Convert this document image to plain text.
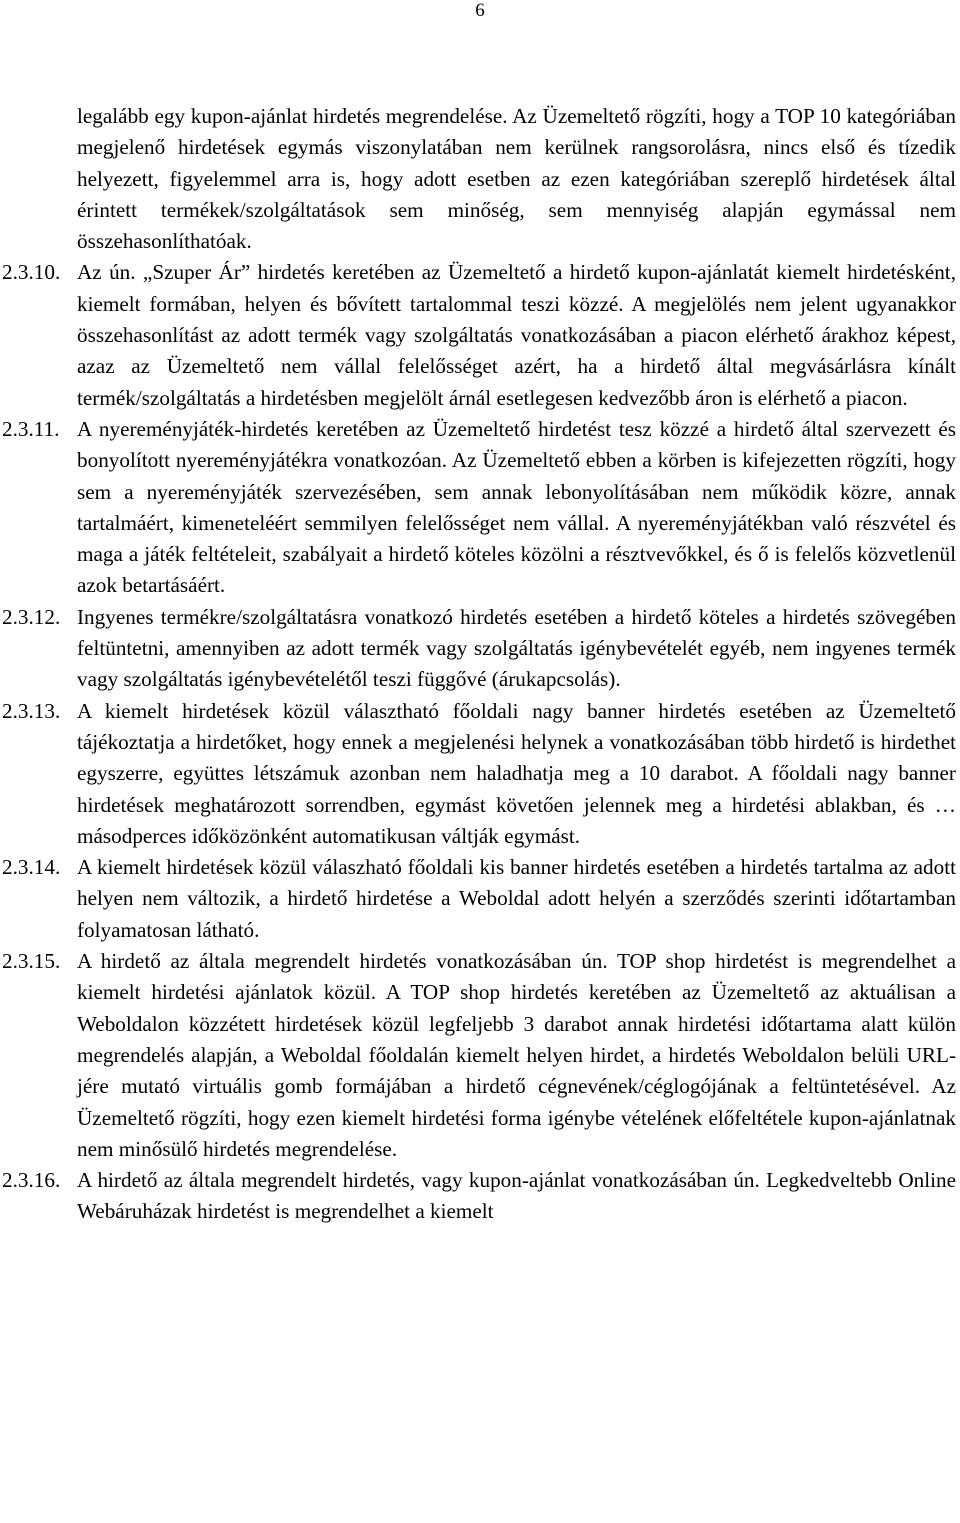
6

legalább egy kupon-ajánlat hirdetés megrendelése. Az Üzemeltető rögzíti, hogy a TOP 10 kategóriában megjelenő hirdetések egymás viszonylatában nem kerülnek rangsorolásra, nincs első és tízedik helyezett, figyelemmel arra is, hogy adott esetben az ezen kategóriában szereplő hirdetések által érintett termékek/szolgáltatások sem minőség, sem mennyiség alapján egymással nem összehasonlíthatóak.

2.3.10. Az ún. „Szuper Ár” hirdetés keretében az Üzemeltető a hirdető kupon-ajánlatát kiemelt hirdetésként, kiemelt formában, helyen és bővített tartalommal teszi közzé. A megjelölés nem jelent ugyanakkor összehasonlítást az adott termék vagy szolgáltatás vonatkozásában a piacon elérhető árakhoz képest, azaz az Üzemeltető nem vállal felelősséget azért, ha a hirdető által megvásárlásra kínált termék/szolgáltatás a hirdetésben megjelölt árnál esetlegesen kedvezőbb áron is elérhető a piacon.
2.3.11. A nyereményjáték-hirdetés keretében az Üzemeltető hirdetést tesz közzé a hirdető által szervezett és bonyolított nyereményjátékra vonatkozóan. Az Üzemeltető ebben a körben is kifejezetten rögzíti, hogy sem a nyereményjáték szervezésében, sem annak lebonyolításában nem működik közre, annak tartalmáért, kimeneteléért semmilyen felelősséget nem vállal. A nyereményjátékban való részvétel és maga a játék feltételeit, szabályait a hirdető köteles közölni a résztvevőkkel, és ő is felelős közvetlenül azok betartásáért.
2.3.12. Ingyenes termékre/szolgáltatásra vonatkozó hirdetés esetében a hirdető köteles a hirdetés szövegében feltüntetni, amennyiben az adott termék vagy szolgáltatás igénybevételét egyéb, nem ingyenes termék vagy szolgáltatás igénybevételétől teszi függővé (árukapcsolás).
2.3.13. A kiemelt hirdetések közül választható főoldali nagy banner hirdetés esetében az Üzemeltető tájékoztatja a hirdetőket, hogy ennek a megjelenési helynek a vonatkozásában több hirdető is hirdethet egyszerre, együttes létszámuk azonban nem haladhatja meg a 10 darabot. A főoldali nagy banner hirdetések meghatározott sorrendben, egymást követően jelennek meg a hirdetési ablakban, és … másodperces időközönként automatikusan váltják egymást.
2.3.14. A kiemelt hirdetések közül válaszható főoldali kis banner hirdetés esetében a hirdetés tartalma az adott helyen nem változik, a hirdető hirdetése a Weboldal adott helyén a szerződés szerinti időtartamban folyamatosan látható.
2.3.15. A hirdető az általa megrendelt hirdetés vonatkozásában ún. TOP shop hirdetést is megrendelhet a kiemelt hirdetési ajánlatok közül. A TOP shop hirdetés keretében az Üzemeltető az aktuálisan a Weboldalon közzétett hirdetések közül legfeljebb 3 darabot annak hirdetési időtartama alatt külön megrendelés alapján, a Weboldal főoldalán kiemelt helyen hirdet, a hirdetés Weboldalon belüli URL-jére mutató virtuális gomb formájában a hirdető cégnevének/céglogójának a feltüntetésével. Az Üzemeltető rögzíti, hogy ezen kiemelt hirdetési forma igénybe vételének előfeltétele kupon-ajánlatnak nem minősülő hirdetés megrendelése.
2.3.16. A hirdető az általa megrendelt hirdetés, vagy kupon-ajánlat vonatkozásában ún. Legkedveltebb Online Webáruházak hirdetést is megrendelhet a kiemelt
